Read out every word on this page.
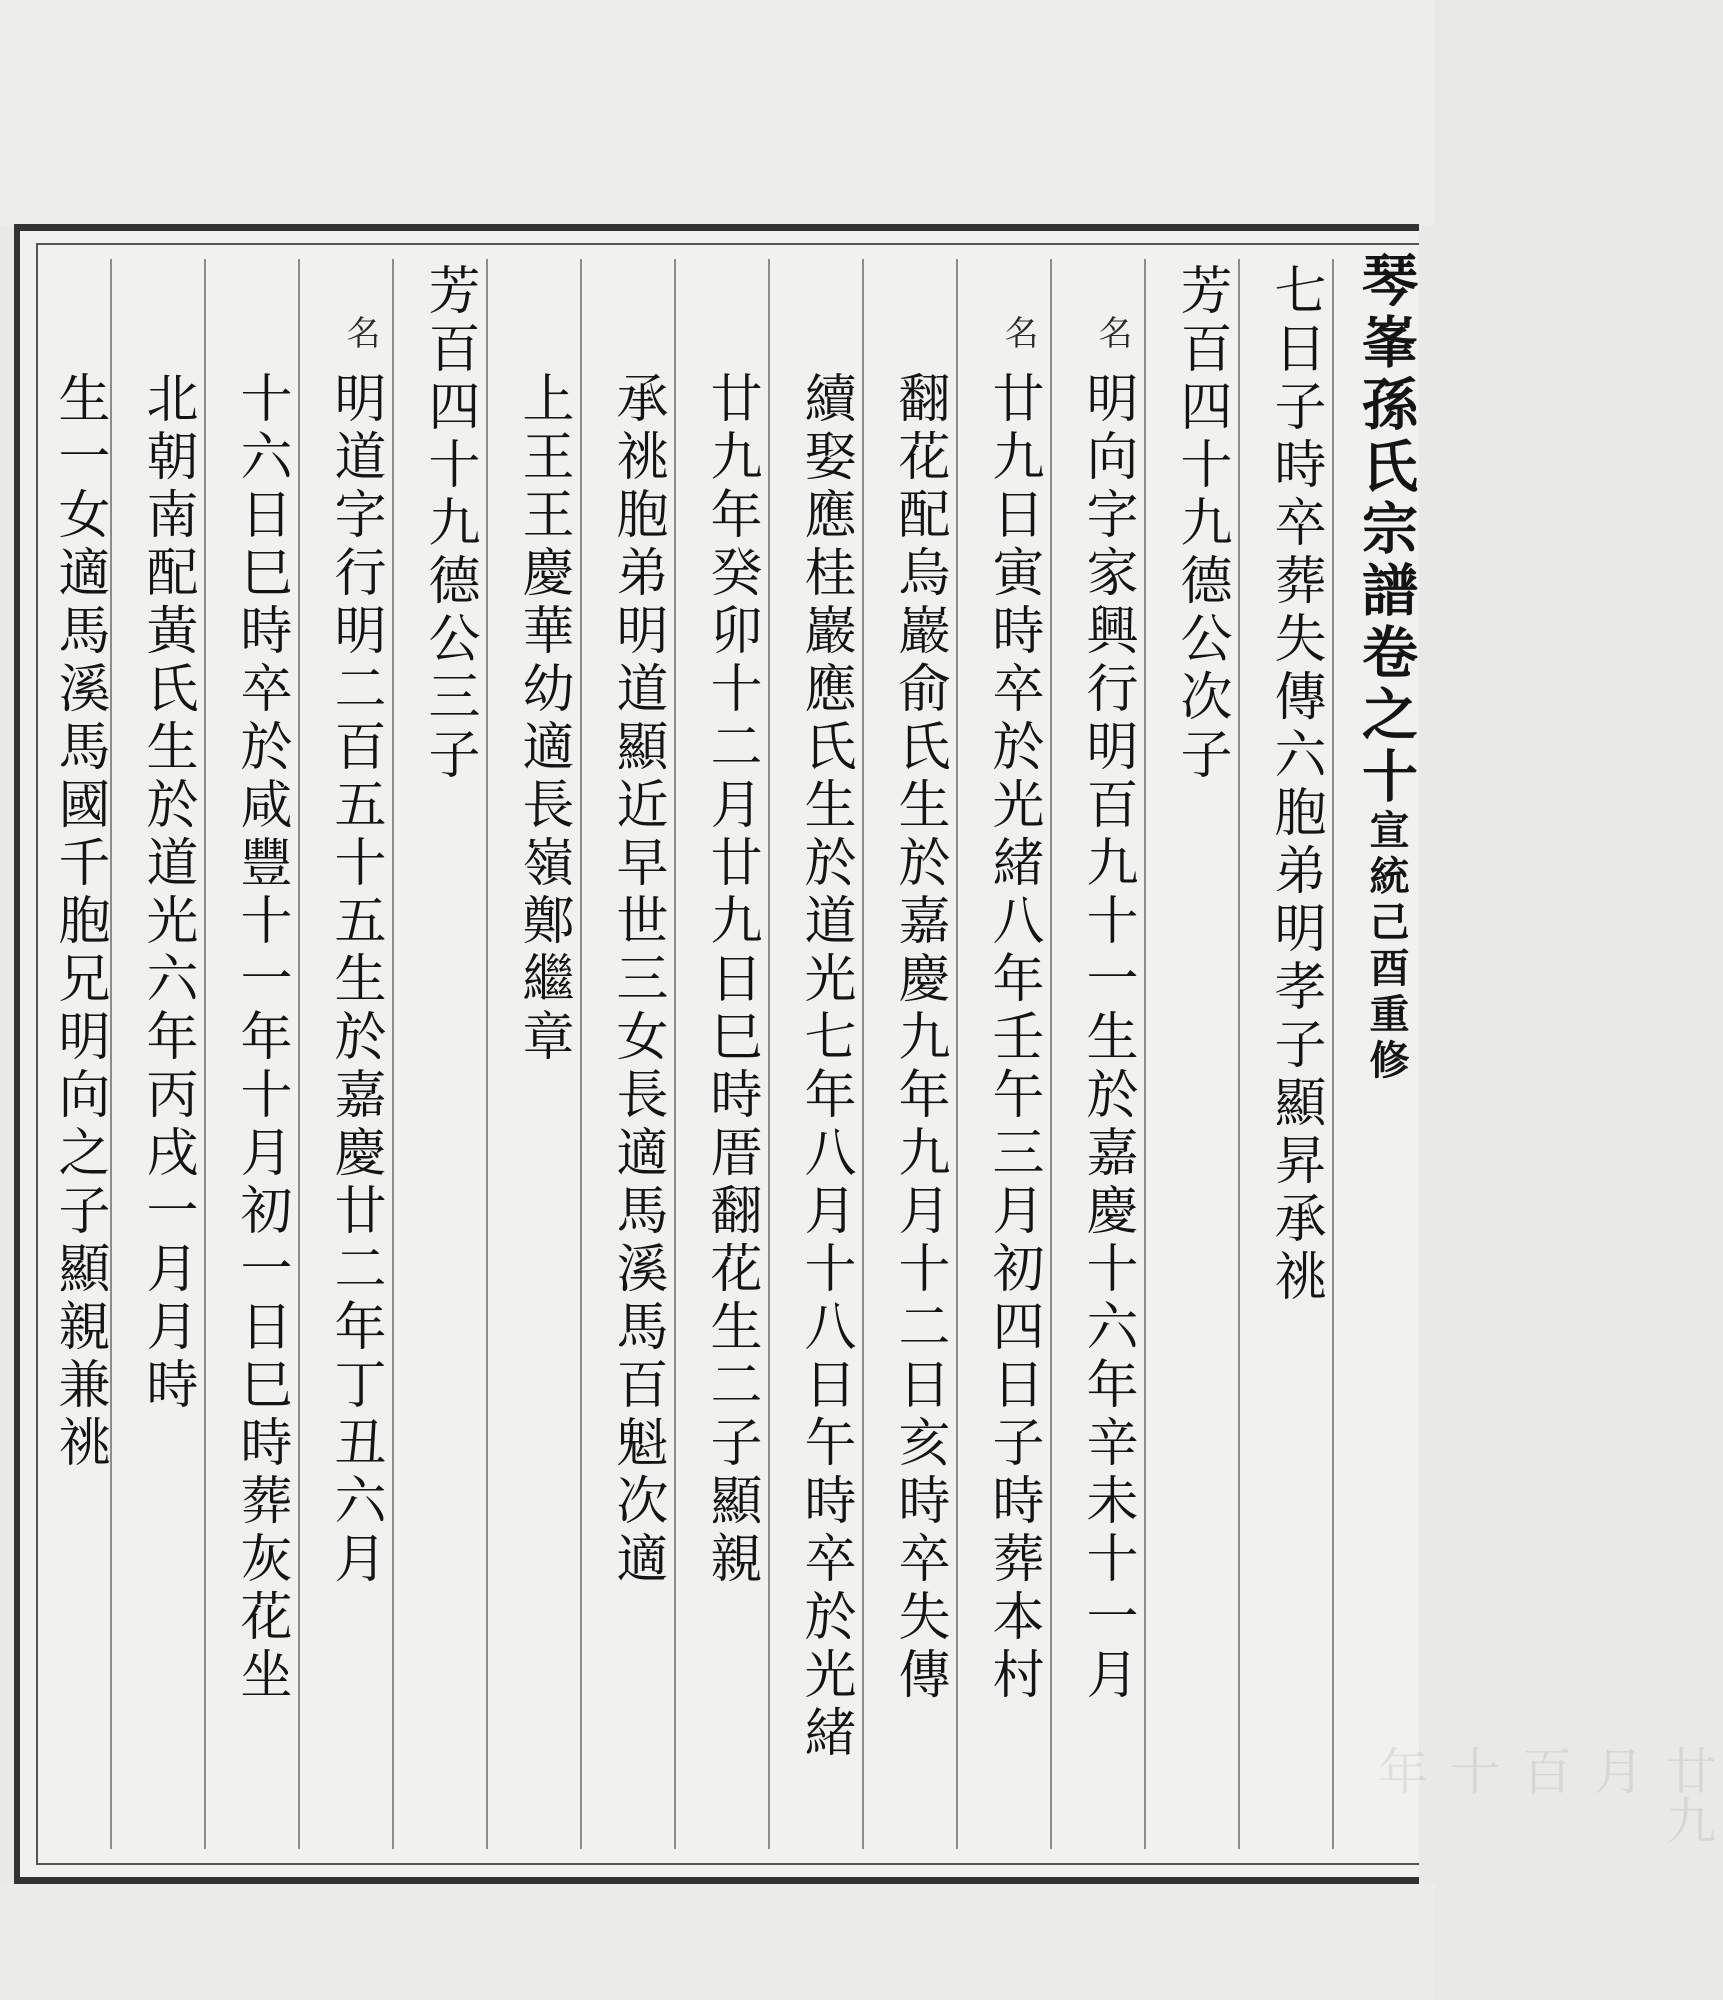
廿九月 百 十 年
琴峯孫氏宗譜卷之十宣統己酉重修
七日子時卒葬失傳六胞弟明孝子顯昇承祧
芳百四十九德公次子
名
明向字家興行明百九十一生於嘉慶十六年辛未十一月
名
廿九日寅時卒於光緒八年壬午三月初四日子時葬本村
翻花配烏巖俞氏生於嘉慶九年九月十二日亥時卒失傳
續娶應桂巖應氏生於道光七年八月十八日午時卒於光緒
廿九年癸卯十二月廿九日巳時厝翻花生二子顯親
承祧胞弟明道顯近早世三女長適馬溪馬百魁次適
上王王慶華幼適長嶺鄭繼章
芳百四十九德公三子
名
明道字行明二百五十五生於嘉慶廿二年丁丑六月
十六日巳時卒於咸豐十一年十月初一日巳時葬灰花坐
北朝南配黃氏生於道光六年丙戌一月月時
生一女適馬溪馬國千胞兄明向之子顯親兼祧
